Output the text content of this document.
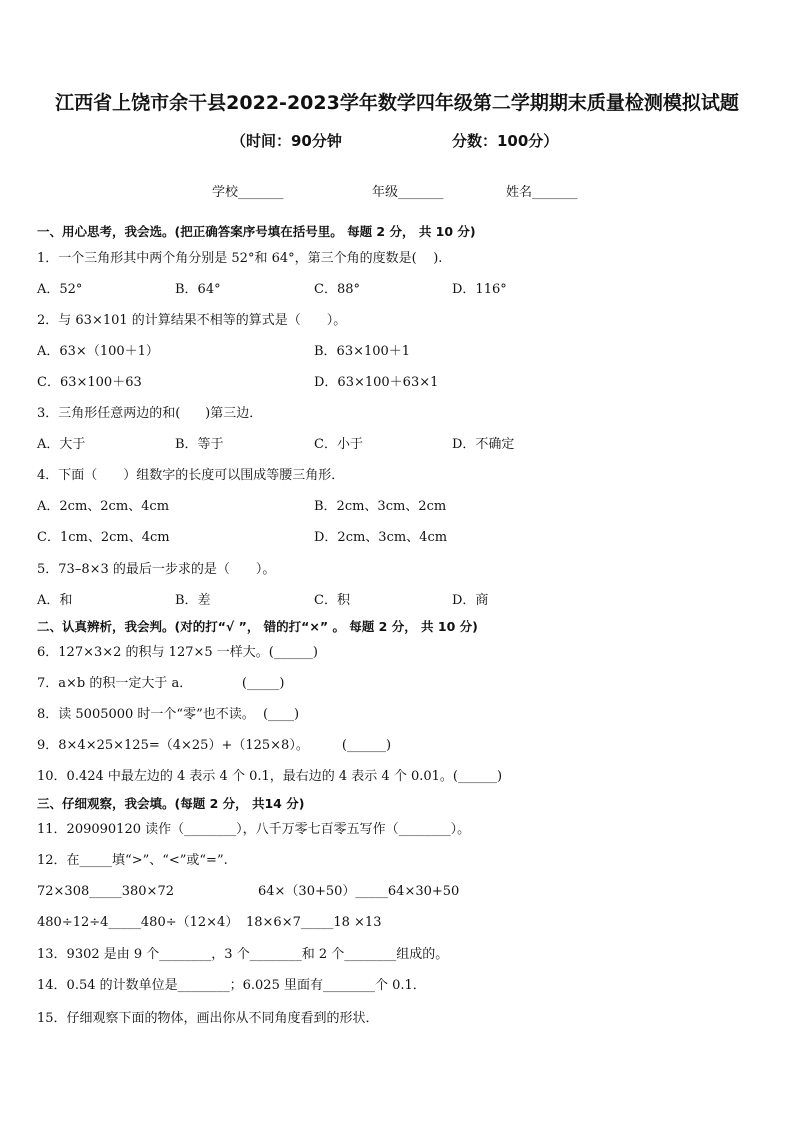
江西省上饶市余干县2022-2023学年数学四年级第二学期期末质量检测模拟试题
（时间：90分钟	分数：100分）
学校_______	年级_______	姓名_______
一、用心思考，我会选。(把正确答案序号填在括号里。 每题 2 分， 共 10 分)
1．一个三角形其中两个角分别是 52°和 64°，第三个角的度数是(    ).
A．52°	B．64°	C．88°	D．116°
2．与 63×101 的计算结果不相等的算式是（　　）。
A．63×（100＋1）	B．63×100＋1
C．63×100＋63	D．63×100＋63×1
3．三角形任意两边的和(      )第三边．
A．大于	B．等于	C．小于	D．不确定
4．下面（　　）组数字的长度可以围成等腰三角形．
A．2cm、2cm、4cm	B．2cm、3cm、2cm
C．1cm、2cm、4cm	D．2cm、3cm、4cm
5．73–8×3 的最后一步求的是（　　）。
A．和	B．差	C．积	D．商
二、认真辨析，我会判。(对的打“√ ”， 错的打“×” 。 每题 2 分， 共 10 分)
6．127×3×2 的积与 127×5 一样大。(______)
7．a×b 的积一定大于 a．            (_____)
8．读 5005000 时一个“零”也不读。  (____)
9．8×4×25×125=（4×25）+（125×8）。        (______)
10．0.424 中最左边的 4 表示 4 个 0.1，最右边的 4 表示 4 个 0.01。(______)
三、仔细观察，我会填。(每题 2 分， 共14 分)
11．209090120 读作（________），八千万零七百零五写作（________）。
12．在_____填“>”、“<”或“=”.
72×308_____380×72	64×（30+50）_____64×30+50
480÷12÷4_____480÷（12×4） 18×6×7_____18 ×13
13．9302 是由 9 个________，3 个________和 2 个________组成的。
14．0.54 的计数单位是________；6.025 里面有________个 0.1．
15．仔细观察下面的物体，画出你从不同角度看到的形状．
